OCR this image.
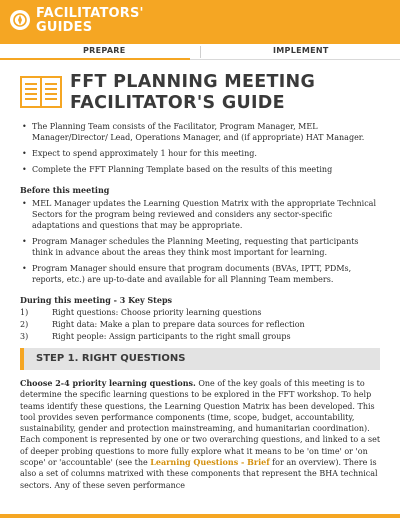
FACILITATORS'
GUIDES
PREPARE	IMPLEMENT
FFT PLANNING MEETING
FACILITATOR'S GUIDE
• The Planning Team consists of the Facilitator, Program Manager, MEL Manager/Director/ Lead, Operations Manager, and (if appropriate) HAT Manager.
• Expect to spend approximately 1 hour for this meeting.
• Complete the FFT Planning Template based on the results of this meeting
Before this meeting
• MEL Manager updates the Learning Question Matrix with the appropriate Technical Sectors for the program being reviewed and considers any sector-specific adaptations and questions that may be appropriate.
• Program Manager schedules the Planning Meeting, requesting that participants think in advance about the areas they think most important for learning.
• Program Manager should ensure that program documents (BVAs, IPTT, PDMs, reports, etc.) are up-to-date and available for all Planning Team members.
During this meeting - 3 Key Steps
1)	Right questions: Choose priority learning questions
2)	Right data: Make a plan to prepare data sources for reflection
3)	Right people: Assign participants to the right small groups
STEP 1. RIGHT QUESTIONS

Choose 2-4 priority learning questions. One of the key goals of this meeting is to determine the specific learning questions to be explored in the FFT workshop. To help teams identify these questions, the Learning Question Matrix has been developed. This tool provides seven performance components (time, scope, budget, accountability, sustainability, gender and protection mainstreaming, and humanitarian coordination). Each component is represented by one or two overarching questions, and linked to a set of deeper probing questions to more fully explore what it means to be 'on time' or 'on scope' or 'accountable' (see the Learning Questions - Brief for an overview). There is also a set of columns matrixed with these components that represent the BHA technical sectors. Any of these seven performance
